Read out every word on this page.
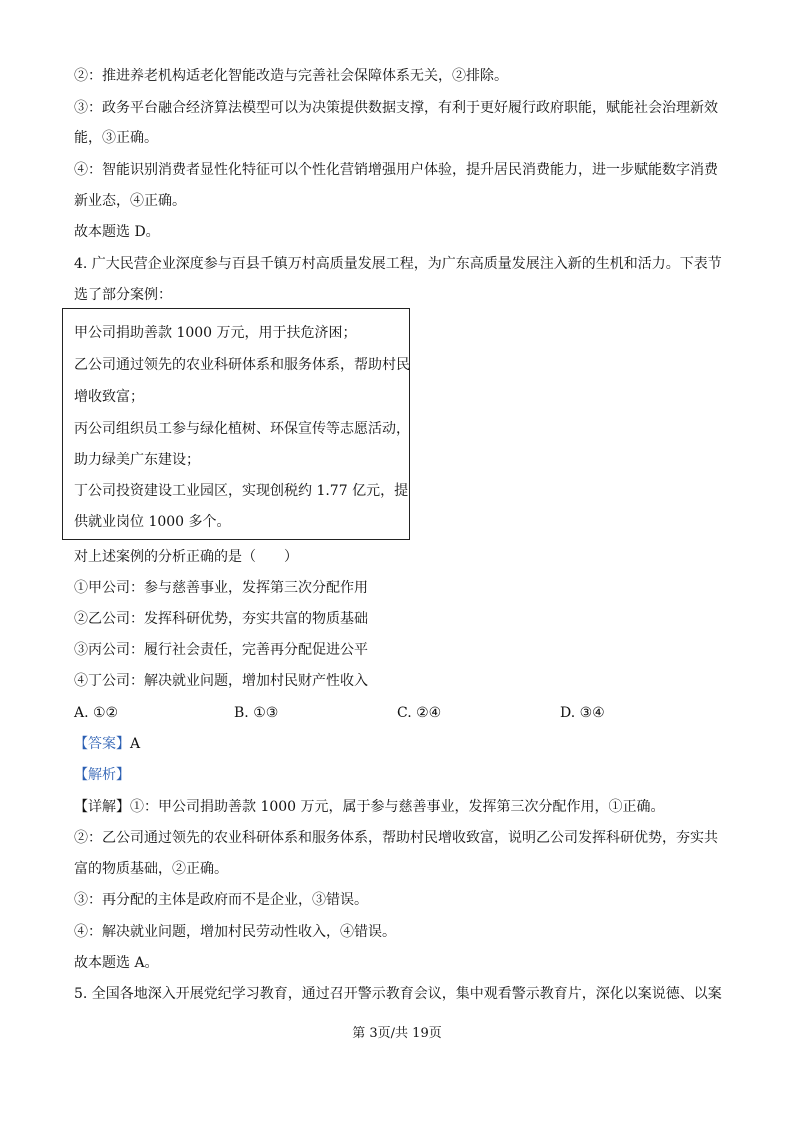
②：推进养老机构适老化智能改造与完善社会保障体系无关，②排除。
③：政务平台融合经济算法模型可以为决策提供数据支撑，有利于更好履行政府职能，赋能社会治理新效
能，③正确。
④：智能识别消费者显性化特征可以个性化营销增强用户体验，提升居民消费能力，进一步赋能数字消费
新业态，④正确。
故本题选 D。
4. 广大民营企业深度参与百县千镇万村高质量发展工程，为广东高质量发展注入新的生机和活力。下表节
选了部分案例：
甲公司捐助善款 1000 万元，用于扶危济困；
乙公司通过领先的农业科研体系和服务体系，帮助村民
增收致富；
丙公司组织员工参与绿化植树、环保宣传等志愿活动，
助力绿美广东建设；
丁公司投资建设工业园区，实现创税约 1.77 亿元，提
供就业岗位 1000 多个。
对上述案例的分析正确的是（　　）
①甲公司：参与慈善事业，发挥第三次分配作用
②乙公司：发挥科研优势，夯实共富的物质基础
③丙公司：履行社会责任，完善再分配促进公平
④丁公司：解决就业问题，增加村民财产性收入
A. ①②	B. ①③	C. ②④	D. ③④
【答案】A
【解析】
【详解】①：甲公司捐助善款 1000 万元，属于参与慈善事业，发挥第三次分配作用，①正确。
②：乙公司通过领先的农业科研体系和服务体系，帮助村民增收致富，说明乙公司发挥科研优势，夯实共
富的物质基础，②正确。
③：再分配的主体是政府而不是企业，③错误。
④：解决就业问题，增加村民劳动性收入，④错误。
故本题选 A。
5. 全国各地深入开展党纪学习教育，通过召开警示教育会议，集中观看警示教育片，深化以案说德、以案
第 3页/共 19页
